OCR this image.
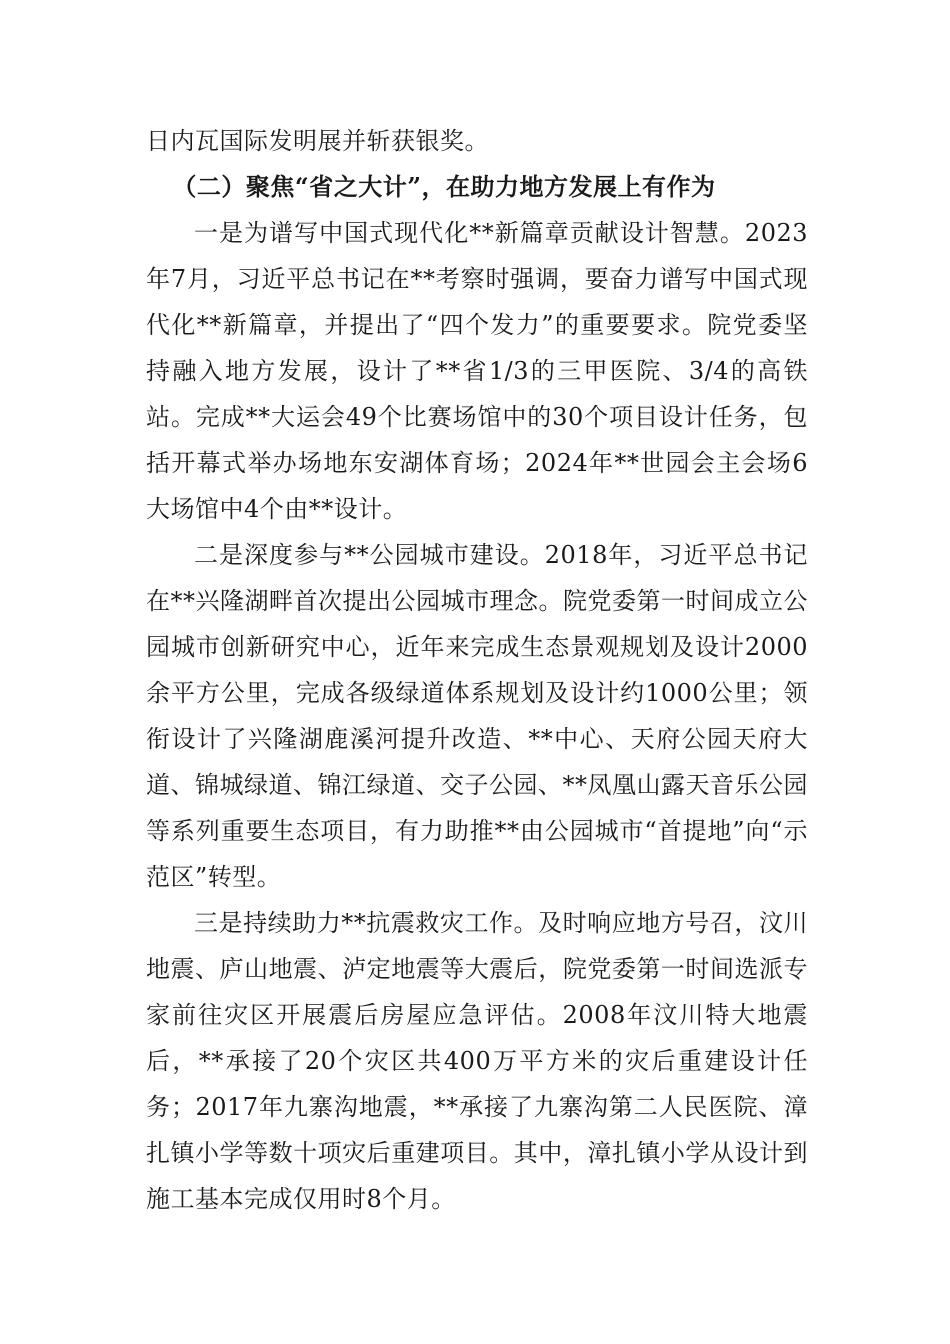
日内瓦国际发明展并斩获银奖。

（二）聚焦“省之大计”，在助力地方发展上有作为

一是为谱写中国式现代化**新篇章贡献设计智慧。2023年7月，习近平总书记在**考察时强调，要奋力谱写中国式现代化**新篇章，并提出了“四个发力”的重要要求。院党委坚持融入地方发展，设计了**省1/3的三甲医院、3/4的高铁站。完成**大运会49个比赛场馆中的30个项目设计任务，包括开幕式举办场地东安湖体育场；2024年**世园会主会场6大场馆中4个由**设计。

二是深度参与**公园城市建设。2018年，习近平总书记在**兴隆湖畔首次提出公园城市理念。院党委第一时间成立公园城市创新研究中心，近年来完成生态景观规划及设计2000余平方公里，完成各级绿道体系规划及设计约1000公里；领衔设计了兴隆湖鹿溪河提升改造、**中心、天府公园天府大道、锦城绿道、锦江绿道、交子公园、**凤凰山露天音乐公园等系列重要生态项目，有力助推**由公园城市“首提地”向“示范区”转型。

三是持续助力**抗震救灾工作。及时响应地方号召，汶川地震、庐山地震、泸定地震等大震后，院党委第一时间选派专家前往灾区开展震后房屋应急评估。2008年汶川特大地震后，**承接了20个灾区共400万平方米的灾后重建设计任务；2017年九寨沟地震，**承接了九寨沟第二人民医院、漳扎镇小学等数十项灾后重建项目。其中，漳扎镇小学从设计到施工基本完成仅用时8个月。
